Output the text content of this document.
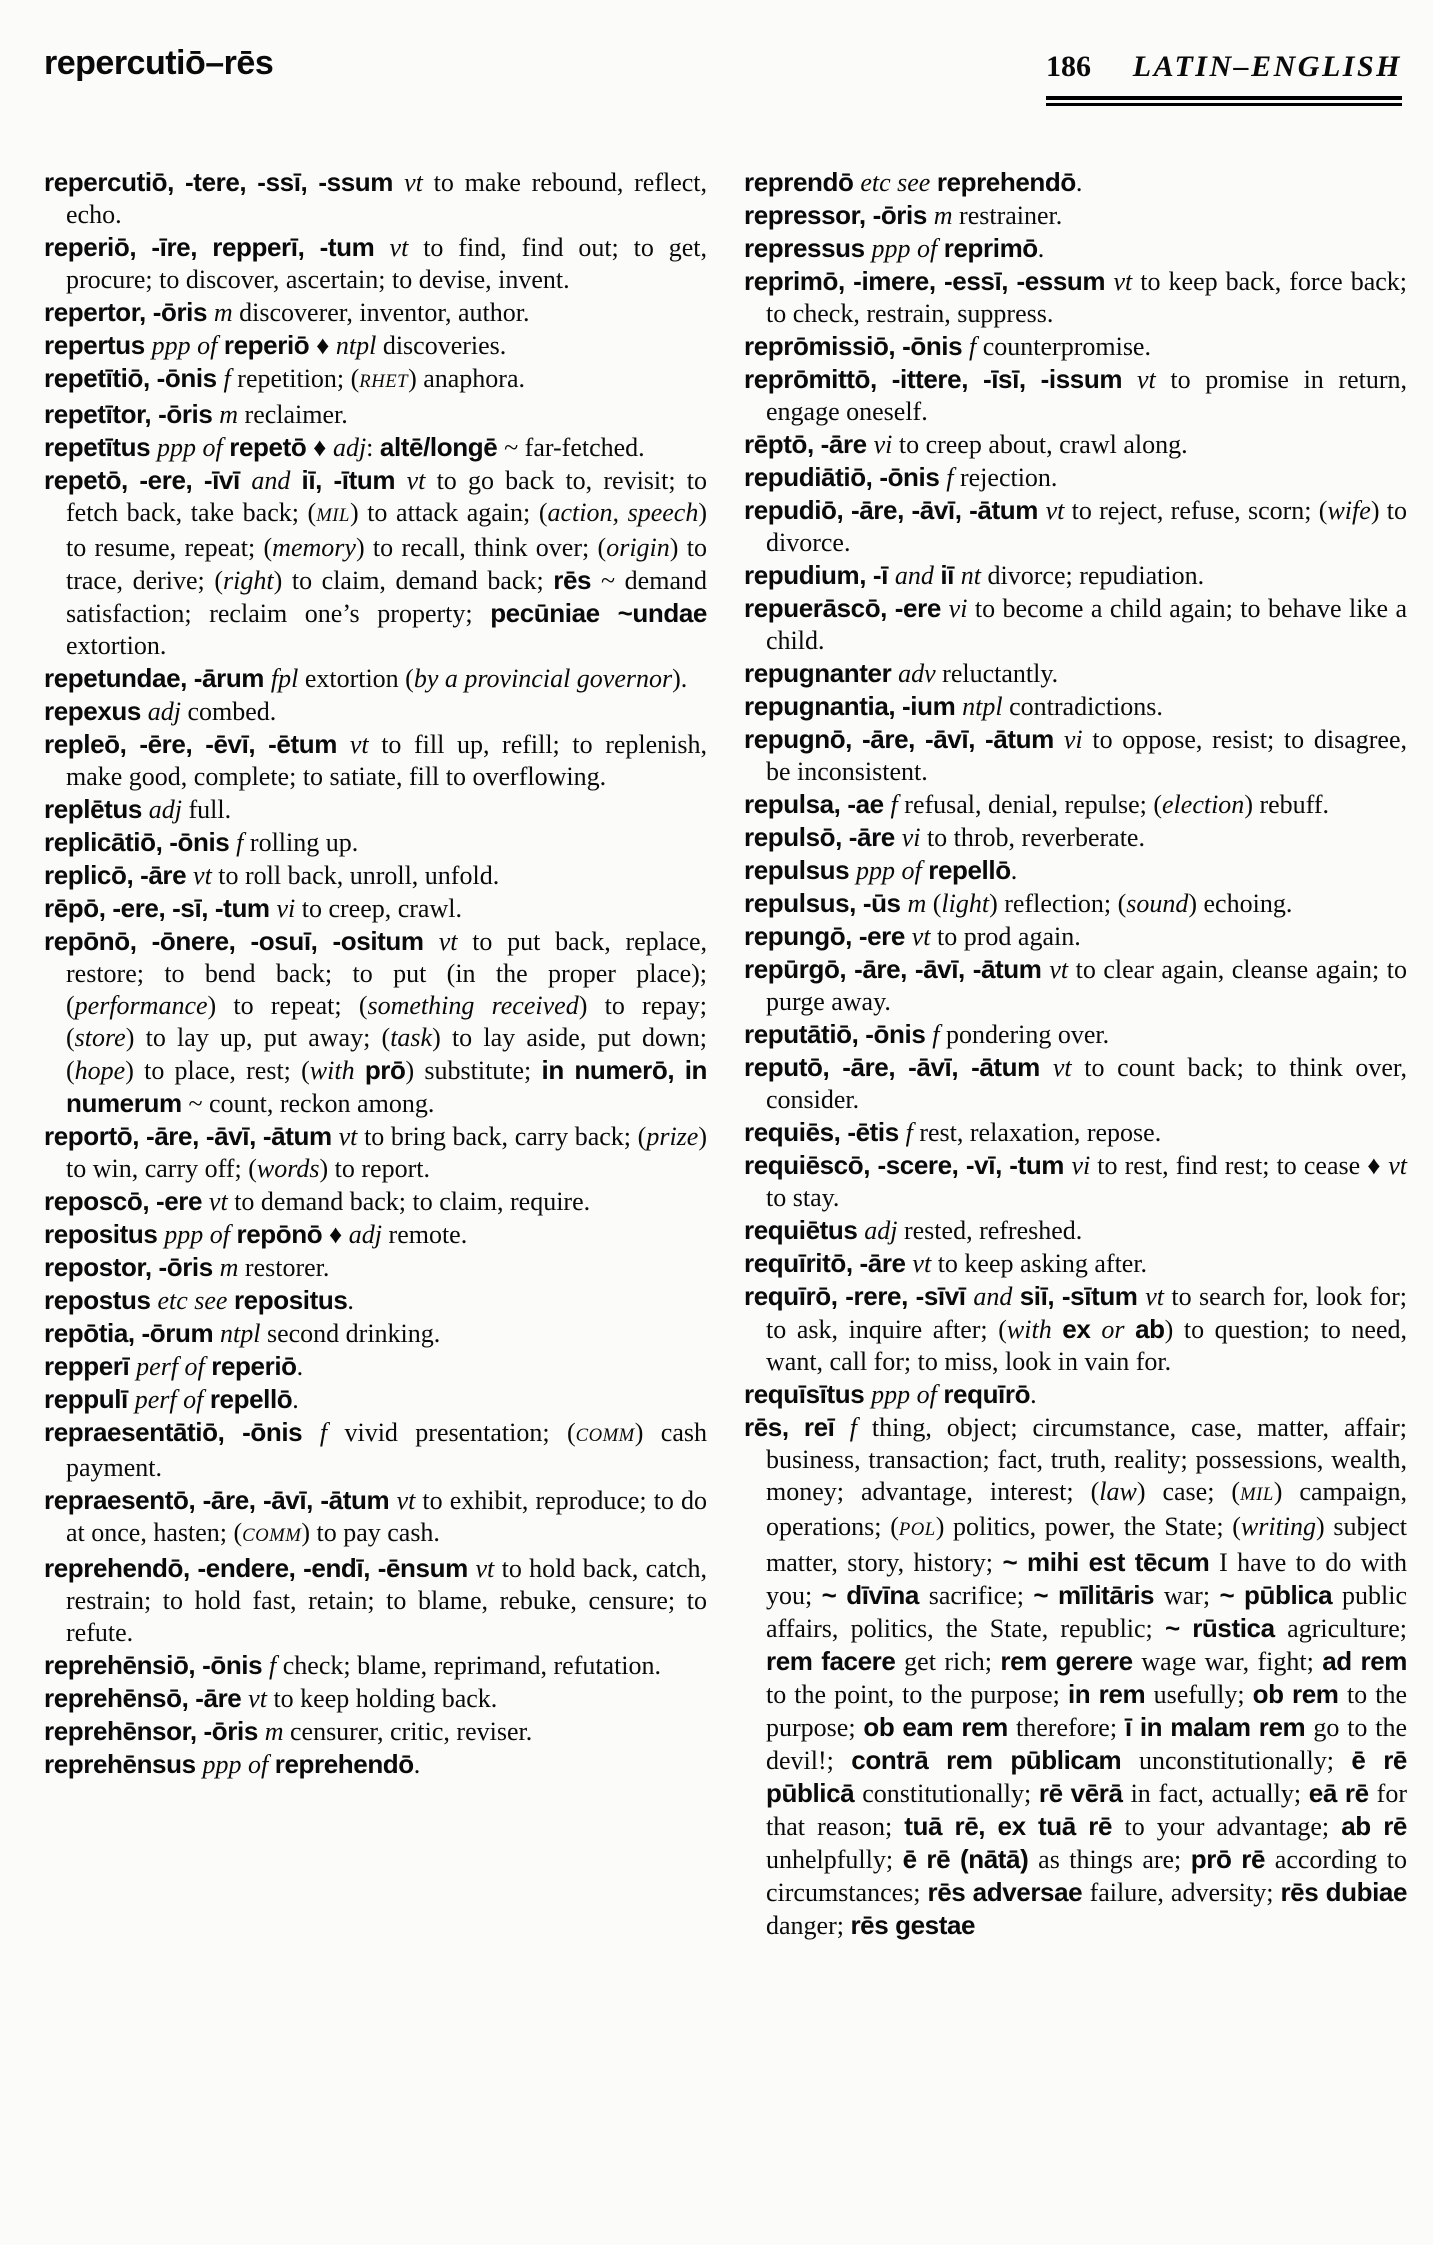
repercutiō–rēs	186 LATIN–ENGLISH

repercutiō, -tere, -ssī, -ssum vt to make rebound, reflect, echo.

reperiō, -īre, repperī, -tum vt to find, find out; to get, procure; to discover, ascertain; to devise, invent.

repertor, -ōris m discoverer, inventor, author.

repertus ppp of reperiō ♦ ntpl discoveries.

repetītiō, -ōnis f repetition; (RHET) anaphora.

repetītor, -ōris m reclaimer.

repetītus ppp of repetō ♦ adj: altē/longē ~ far-fetched.

repetō, -ere, -īvī and iī, -ītum vt to go back to, revisit; to fetch back, take back; (MIL) to attack again; (action, speech) to resume, repeat; (memory) to recall, think over; (origin) to trace, derive; (right) to claim, demand back; rēs ~ demand satisfaction; reclaim one’s property; pecūniae ~undae extortion.

repetundae, -ārum fpl extortion (by a provincial governor).

repexus adj combed.

repleō, -ēre, -ēvī, -ētum vt to fill up, refill; to replenish, make good, complete; to satiate, fill to overflowing.

replētus adj full.

replicātiō, -ōnis f rolling up.

replicō, -āre vt to roll back, unroll, unfold.

rēpō, -ere, -sī, -tum vi to creep, crawl.

repōnō, -ōnere, -osuī, -ositum vt to put back, replace, restore; to bend back; to put (in the proper place); (performance) to repeat; (something received) to repay; (store) to lay up, put away; (task) to lay aside, put down; (hope) to place, rest; (with prō) substitute; in numerō, in numerum ~ count, reckon among.

reportō, -āre, -āvī, -ātum vt to bring back, carry back; (prize) to win, carry off; (words) to report.

reposcō, -ere vt to demand back; to claim, require.

repositus ppp of repōnō ♦ adj remote.

repostor, -ōris m restorer.

repostus etc see repositus.

repōtia, -ōrum ntpl second drinking.

repperī perf of reperiō.

reppulī perf of repellō.

repraesentātiō, -ōnis f vivid presentation; (COMM) cash payment.

repraesentō, -āre, -āvī, -ātum vt to exhibit, reproduce; to do at once, hasten; (COMM) to pay cash.

reprehendō, -endere, -endī, -ēnsum vt to hold back, catch, restrain; to hold fast, retain; to blame, rebuke, censure; to refute.

reprehēnsiō, -ōnis f check; blame, reprimand, refutation.

reprehēnsō, -āre vt to keep holding back.

reprehēnsor, -ōris m censurer, critic, reviser.

reprehēnsus ppp of reprehendō.

reprendō etc see reprehendō.

repressor, -ōris m restrainer.

repressus ppp of reprimō.

reprimō, -imere, -essī, -essum vt to keep back, force back; to check, restrain, suppress.

reprōmissiō, -ōnis f counterpromise.

reprōmittō, -ittere, -īsī, -issum vt to promise in return, engage oneself.

rēptō, -āre vi to creep about, crawl along.

repudiātiō, -ōnis f rejection.

repudiō, -āre, -āvī, -ātum vt to reject, refuse, scorn; (wife) to divorce.

repudium, -ī and iī nt divorce; repudiation.

repuerāscō, -ere vi to become a child again; to behave like a child.

repugnanter adv reluctantly.

repugnantia, -ium ntpl contradictions.

repugnō, -āre, -āvī, -ātum vi to oppose, resist; to disagree, be inconsistent.

repulsa, -ae f refusal, denial, repulse; (election) rebuff.

repulsō, -āre vi to throb, reverberate.

repulsus ppp of repellō.

repulsus, -ūs m (light) reflection; (sound) echoing.

repungō, -ere vt to prod again.

repūrgō, -āre, -āvī, -ātum vt to clear again, cleanse again; to purge away.

reputātiō, -ōnis f pondering over.

reputō, -āre, -āvī, -ātum vt to count back; to think over, consider.

requiēs, -ētis f rest, relaxation, repose.

requiēscō, -scere, -vī, -tum vi to rest, find rest; to cease ♦ vt to stay.

requiētus adj rested, refreshed.

requīritō, -āre vt to keep asking after.

requīrō, -rere, -sīvī and siī, -sītum vt to search for, look for; to ask, inquire after; (with ex or ab) to question; to need, want, call for; to miss, look in vain for.

requīsītus ppp of requīrō.

rēs, reī f thing, object; circumstance, case, matter, affair; business, transaction; fact, truth, reality; possessions, wealth, money; advantage, interest; (law) case; (MIL) campaign, operations; (POL) politics, power, the State; (writing) subject matter, story, history; ~ mihi est tēcum I have to do with you; ~ dīvīna sacrifice; ~ mīlitāris war; ~ pūblica public affairs, politics, the State, republic; ~ rūstica agriculture; rem facere get rich; rem gerere wage war, fight; ad rem to the point, to the purpose; in rem usefully; ob rem to the purpose; ob eam rem therefore; ī in malam rem go to the devil!; contrā rem pūblicam unconstitutionally; ē rē pūblicā constitutionally; rē vērā in fact, actually; eā rē for that reason; tuā rē, ex tuā rē to your advantage; ab rē unhelpfully; ē rē (nātā) as things are; prō rē according to circumstances; rēs adversae failure, adversity; rēs dubiae danger; rēs gestae
